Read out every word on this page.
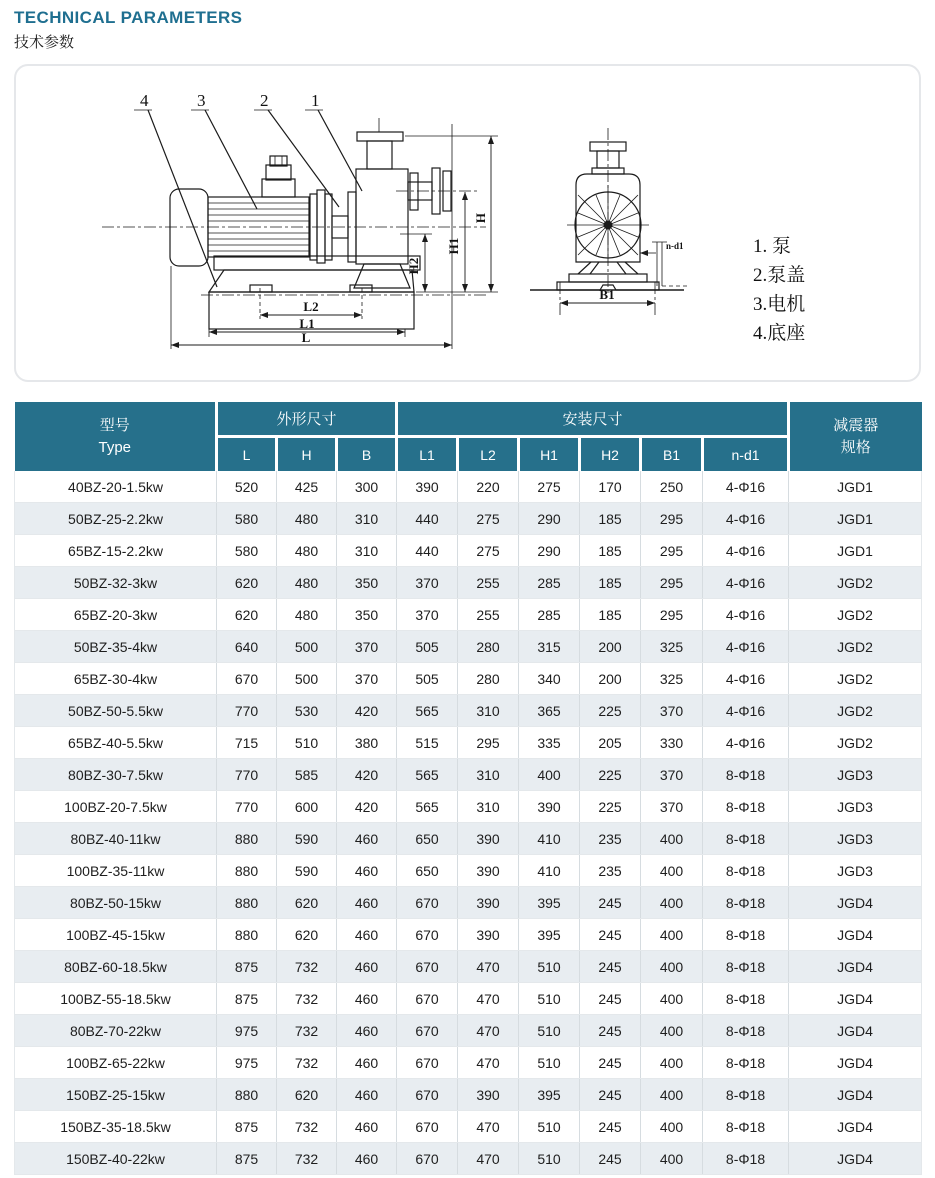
TECHNICAL PARAMETERS
技术参数
L2
L1
L
H
H1
H2
4	3	2	1
B1
n-d1	1. 泵
2.泵盖
3.电机
4.底座
型号
Type
	外形尺寸	安装尺寸	减震器
规格

	L	H	B	L1	L2	H1	H2	B1	n-d1	
40BZ-20-1.5kw	520	425	300	390	220	275	170	250	4-Φ16	JGD1
50BZ-25-2.2kw	580	480	310	440	275	290	185	295	4-Φ16	JGD1
65BZ-15-2.2kw	580	480	310	440	275	290	185	295	4-Φ16	JGD1
50BZ-32-3kw	620	480	350	370	255	285	185	295	4-Φ16	JGD2
65BZ-20-3kw	620	480	350	370	255	285	185	295	4-Φ16	JGD2
50BZ-35-4kw	640	500	370	505	280	315	200	325	4-Φ16	JGD2
65BZ-30-4kw	670	500	370	505	280	340	200	325	4-Φ16	JGD2
50BZ-50-5.5kw	770	530	420	565	310	365	225	370	4-Φ16	JGD2
65BZ-40-5.5kw	715	510	380	515	295	335	205	330	4-Φ16	JGD2
80BZ-30-7.5kw	770	585	420	565	310	400	225	370	8-Φ18	JGD3
100BZ-20-7.5kw	770	600	420	565	310	390	225	370	8-Φ18	JGD3
80BZ-40-11kw	880	590	460	650	390	410	235	400	8-Φ18	JGD3
100BZ-35-11kw	880	590	460	650	390	410	235	400	8-Φ18	JGD3
80BZ-50-15kw	880	620	460	670	390	395	245	400	8-Φ18	JGD4
100BZ-45-15kw	880	620	460	670	390	395	245	400	8-Φ18	JGD4
80BZ-60-18.5kw	875	732	460	670	470	510	245	400	8-Φ18	JGD4
100BZ-55-18.5kw	875	732	460	670	470	510	245	400	8-Φ18	JGD4
80BZ-70-22kw	975	732	460	670	470	510	245	400	8-Φ18	JGD4
100BZ-65-22kw	975	732	460	670	470	510	245	400	8-Φ18	JGD4
150BZ-25-15kw	880	620	460	670	390	395	245	400	8-Φ18	JGD4
150BZ-35-18.5kw	875	732	460	670	470	510	245	400	8-Φ18	JGD4
150BZ-40-22kw	875	732	460	670	470	510	245	400	8-Φ18	JGD4
